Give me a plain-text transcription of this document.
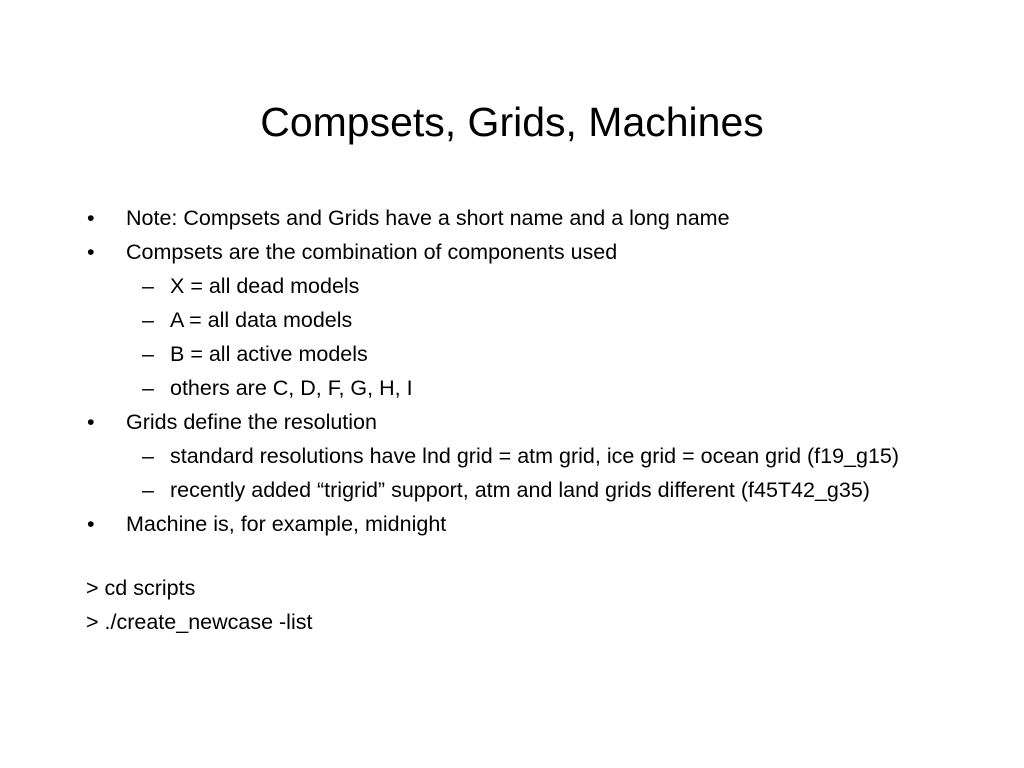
Compsets, Grids, Machines
• Note: Compsets and Grids have a short name and a long name
• Compsets are the combination of components used
– X = all dead models
– A = all data models
– B = all active models
– others are C, D, F, G, H, I
• Grids define the resolution
– standard resolutions have lnd grid = atm grid, ice grid = ocean grid (f19_g15)
– recently added “trigrid” support, atm and land grids different (f45T42_g35)
• Machine is, for example, midnight
> cd scripts
> ./create_newcase -list
